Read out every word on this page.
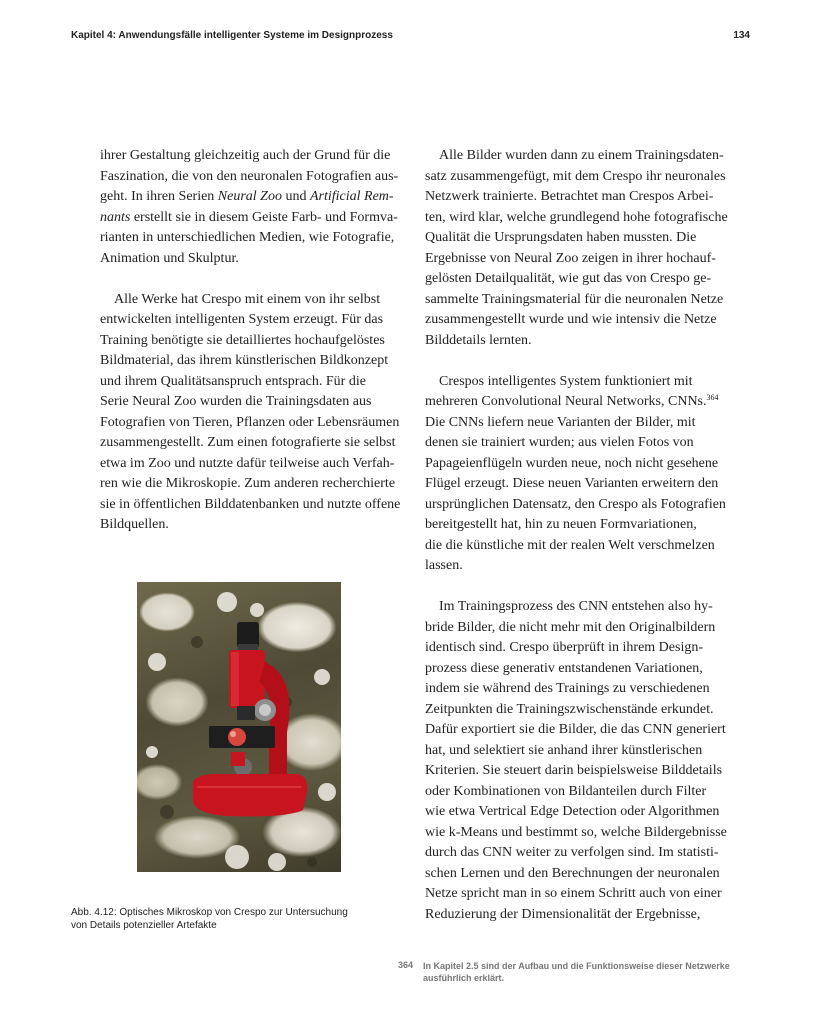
Kapitel 4: Anwendungsfälle intelligenter Systeme im Designprozess	134

ihrer Gestaltung gleichzeitig auch der Grund für die
Faszination, die von den neuronalen Fotografien aus-
geht. In ihren Serien Neural Zoo und Artificial Rem-
nants erstellt sie in diesem Geiste Farb- und Formva-
rianten in unterschiedlichen Medien, wie Fotografie,
Animation und Skulptur.

Alle Werke hat Crespo mit einem von ihr selbst
entwickelten intelligenten System erzeugt. Für das
Training benötigte sie detailliertes hochaufgelöstes
Bildmaterial, das ihrem künstlerischen Bildkonzept
und ihrem Qualitätsanspruch entsprach. Für die
Serie Neural Zoo wurden die Trainingsdaten aus
Fotografien von Tieren, Pflanzen oder Lebensräumen
zusammengestellt. Zum einen fotografierte sie selbst
etwa im Zoo und nutzte dafür teilweise auch Verfah-
ren wie die Mikroskopie. Zum anderen recherchierte
sie in öffentlichen Bilddatenbanken und nutzte offene
Bildquellen.

Alle Bilder wurden dann zu einem Trainingsdaten-
satz zusammengefügt, mit dem Crespo ihr neuronales
Netzwerk trainierte. Betrachtet man Crespos Arbei-
ten, wird klar, welche grundlegend hohe fotografische
Qualität die Ursprungsdaten haben mussten. Die
Ergebnisse von Neural Zoo zeigen in ihrer hochauf-
gelösten Detailqualität, wie gut das von Crespo ge-
sammelte Trainingsmaterial für die neuronalen Netze
zusammengestellt wurde und wie intensiv die Netze
Bilddetails lernten.

Crespos intelligentes System funktioniert mit
mehreren Convolutional Neural Networks, CNNs.$^{364}$
Die CNNs liefern neue Varianten der Bilder, mit
denen sie trainiert wurden; aus vielen Fotos von
Papageienflügeln wurden neue, noch nicht gesehene
Flügel erzeugt. Diese neuen Varianten erweitern den
ursprünglichen Datensatz, den Crespo als Fotografien
bereitgestellt hat, hin zu neuen Formvariationen,
die die künstliche mit der realen Welt verschmelzen
lassen.

Im Trainingsprozess des CNN entstehen also hy-
bride Bilder, die nicht mehr mit den Originalbildern
identisch sind. Crespo überprüft in ihrem Design-
prozess diese generativ entstandenen Variationen,
indem sie während des Trainings zu verschiedenen
Zeitpunkten die Trainingszwischenstände erkundet.
Dafür exportiert sie die Bilder, die das CNN generiert
hat, und selektiert sie anhand ihrer künstlerischen
Kriterien. Sie steuert darin beispielsweise Bilddetails
oder Kombinationen von Bildanteilen durch Filter
wie etwa Vertrical Edge Detection oder Algorithmen
wie k-Means und bestimmt so, welche Bildergebnisse
durch das CNN weiter zu verfolgen sind. Im statisti-
schen Lernen und den Berechnungen der neuronalen
Netze spricht man in so einem Schritt auch von einer
Reduzierung der Dimensionalität der Ergebnisse,

Abb. 4.12: Optisches Mikroskop von Crespo zur Untersuchung
von Details potenzieller Artefakte
364 In Kapitel 2.5 sind der Aufbau und die Funktionsweise dieser Netzwerke
ausführlich erklärt.
